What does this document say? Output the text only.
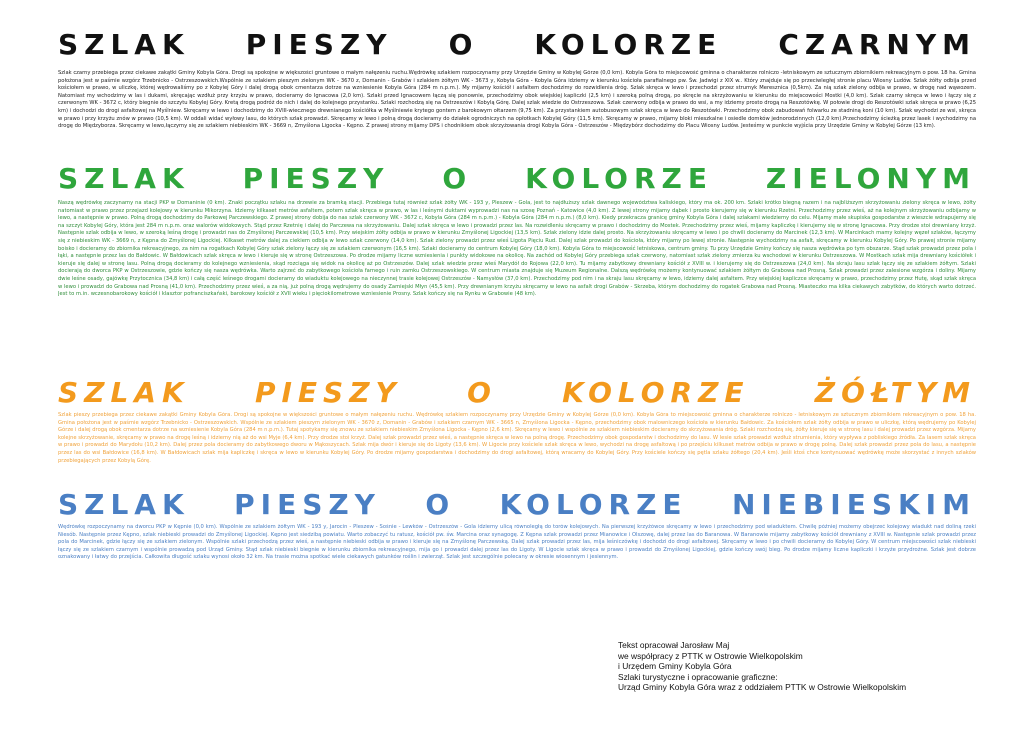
SZLAK PIESZY O KOLORZE CZARNYM

Szlak czarny przebiega przez ciekawe zakątki Gminy Kobyla Góra. Drogi są spokojne w większości gruntowe o małym nałęzeniu ruchu.Wędrówkę szlakiem rozpoczynamy przy Urzędzie Gminy w Kobylej Górze (0,0 km). Kobyla Góra to miejscowość gminna o charakterze rolniczo -letniskowym ze sztucznym zbiornikiem rekreacyjnym o pow. 18 ha. Gmina położona jest w paśmie wzgórz Trzebnicko - Ostrzeszowskich.Wspólnie ze szlakiem pieszym zielonym WK - 3670 z, Domanin - Grabów i szlakiem żółtym WK - 3673 y, Kobyla Góra - Kobyla Góra idziemy w kierunku kościoła parafialnego pw. Św. Jadwigi z XIX w.. Który znajduje się po przeciwległej stronie placu Wiosny Ludów. Szlak żółty odbija przed kościołem w prawo, w uliczkę, której wędrowaliśmy po z Kobylej Góry i dalej drogą obok cmentarza dotrze na wzniesienie Kobyla Góra (284 m n.p.m.). My mijamy kościół i asfaltem dochodzimy do rozwidlenia dróg. Szlak skręca w lewo i przechodzi przez strumyk Meresznica (0,5km). Za nią szlak zielony odbija w prawo, w drogę nad wąwozem. Natomiast my wchodzimy w las i dukami, skręcając wzdłuż przy krzyżu w prawo, docieramy do Ignacowa (2,0 km). Szlaki przed Ignacowem łączą się ponownie, przechodzimy obok wiejskiej kapliczki (2,5 km) i szeroką polną drogą, po skręcie na skrzyżowaniu w kierunku do miejscowości Mostki (4,0 km). Szlak czarny skręca w lewo i łączy się z czerwonym WK - 3672 c, który biegnie do szczytu Kobylej Góry. Kretą drogą podróż do nich i dalej do kolejnego przystanku. Szlaki rozchodzą się na Ostrzeszów i Kobylą Górę. Dalej szlak wiedzie do Ostrzeszowa. Szlak czerwony odbija w prawo do wsi, a my idziemy prosto drogą na Reszotówkę. W połowie drogi do Reszotówki szlak skręca w prawo (6,25 km) i dochodzi do drogi asfaltowej na Myślniew. Skręcamy w lewo i dochodzimy do XVIII-wiecznego drewnianego kościółka w Myślniewie krytego gontem z barokowym ołtarzem (9,75 km). Za przystankiem autobusowym szlak skręca w lewo do Reszotówki. Przechodzimy obok zabudowań folwarku ze stadniną koni (10 km). Szlak wychodzi ze wsi, skręca w prawo i przy krzyżu znów w prawo (10,5 km). W oddali widać wyłowy lasu, do których szlak prowadzi. Skręcamy w lewo i polną drogą docieramy do działek ogrodniczych na opłotkach Kobylej Góry (11,5 km). Skręcamy w prawo, mijamy bloki mieszkalne i osiedle domków jednorodzinnych (12,0 km).Przechodzimy ścieżką przez lasek i wychodzimy na drogę do Międzyborza. Skręcamy w lewo,łączymy się ze szlakiem niebieskim WK - 3669 n, Zmyślona Ligocka - Kępno. Z prawej strony mijamy DPS i chodnikiem obok skrzyżowania drogi Kobyla Góra - Ostrzeszów - Międzybórz dochodzimy do Placu Wiosny Ludów. Jesteśmy w punkcie wyjścia przy Urzędzie Gminy w Kobylej Górze (13 km).

SZLAK PIESZY O KOLORZE ZIELONYM

Naszą wędrówkę zaczynamy na stacji PKP w Domaninie (0 km). Znaki początku szlaku na drzewie za bramką stacji. Przebiega tutaj również szlak żółty WK - 193 y, Pleszew - Gola, jest to najdłuższy szlak dawnego województwa kaliskiego, który ma ok. 200 km. Szlaki krótko biegną razem i na najbliższym skrzyżowaniu zielony skręca w lewo, żółty natomiast w prawo przez przejazd kolejowy w kierunku Mikorzyna. Idziemy kilkaset metrów asfaltem, potem szlak skręca w prawo, w las i leśnymi duktami wyprowadzi nas na szosę Poznań - Katowice (4,0 km). Z lewej strony mijamy dąbek i prosto kierujemy się w kierunku Rzetni. Przechodzimy przez wieś, aż na kolejnym skrzyżowaniu odbijamy w lewo, a następnie w prawo. Polną drogą dochodzimy do Parkowej Parczewskiego. Z prawej strony dobija do nas szlak czerwony WK - 3672 c, Kobyla Góra (284 m n.p.m.) - Kobyla Góra (284 m n.p.m.) (8,0 km). Kiedy przekracza granicę gminy Kobyla Góra i dalej szlakami wiedziemy do celu. Mijamy małe skupiska gospodarstw z wieszcie wdrapujemy się na szczyt Kobylej Góry, która jest 284 m n.p.m. oraz walorów widokowych. Stąd przez Rzetnię i dalej do Parczewa na skrzyżowaniu. Dalej szlak skręca w lewo i prowadzi przez las. Na rozwidleniu skręcamy w prawo i dochodzimy do Mostek. Przechodzimy przez wieś, mijamy kapliczkę i kierujemy się w stronę Ignacowa. Przy drodze stoi drewniany krzyż. Następnie szlak odbija w lewo, w szeroką leśną drogę i prowadzi nas do Zmyślonej Parczewskiej (10,5 km). Przy wiejskim żółty odbija w prawo w kierunku Zmyślonej Ligockiej (13,5 km). Szlak zielony idzie dalej prosto. Na skrzyżowaniu skręcamy w lewo i po chwili docieramy do Marcinek (12,3 km). W Marcinkach mamy kolejny węzeł szlaków, łączymy się z niebieskim WK - 3669 n, z Kępna do Zmyślonej Ligockiej. Kilkaset metrów dalej za ciekiem odbija w lewo szlak czerwony (14,0 km). Szlak zielony prowadzi przez wieś Ligota Pięciu Rud. Dalej szlak prowadzi do kościoła, który mijamy po lewej stronie. Następnie wychodzimy na asfalt, skręcamy w kierunku Kobylej Góry. Po prawej stronie mijamy boisko i docieramy do zbiornika rekreacyjnego, za nim na rogatkach Kobylej Góry szlak zielony łączy się ze szlakiem czerwonym (16,5 km). Szlaki docieramy do centrum Kobylej Góry (18,0 km). Kobyla Góra to miejscowość letniskowa, centrum gminy. Tu przy Urzędzie Gminy kończy się nasza wędrówka po tym obszarze. Stąd szlak prowadzi przez pola i łąki, a następnie przez las do Bałdowic. W Bałdowicach szlak skręca w lewo i kieruje się w stronę Ostrzeszowa. Po drodze mijamy liczne wzniesienia i punkty widokowe na okolicę. Na zachód od Kobylej Góry przebiega szlak czerwony, natomiast szlak zielony zmierza ku wschodowi w kierunku Ostrzeszowa. W Mostkach szlak mija drewniany kościółek i kieruje się dalej w stronę lasu. Polną drogą docieramy do kolejnego wzniesienia, skąd rozciąga się widok na okolicę aż po Ostrzeszów. Dalej szlak wiedzie przez wieś Marydół do Rojowa (22,0 km). Tu mijamy zabytkowy drewniany kościół z XVIII w. i kierujemy się do Ostrzeszowa (24,0 km). Na skraju lasu szlak łączy się ze szlakiem żółtym. Szlaki docierają do dworca PKP w Ostrzeszowie, gdzie kończy się nasza wędrówka. Warto zajrzeć do zabytkowego kościoła farnego i ruin zamku Ostrzeszowskiego. W centrum miasta znajduje się Muzeum Regionalne. Dalszą wędrówkę możemy kontynuować szlakiem żółtym do Grabowa nad Prosną. Szlak prowadzi przez zalesione wzgórza i doliny. Mijamy dwie leśne osady, gajówkę Przytocznica (34,8 km) i całą część leśnego drogami docieramy do wiaduktu kolejowego na nieczynnej trasie kolejowej Ostrzeszów - Namysłów (37,0 km). Przechodzimy pod nim i na skraju lasu skręcamy w lewo, idziemy dalej asfaltem. Przy wiejskiej kapliczce skręcamy w prawo, przechodzimy przez Hutę, skąd szlak skręca w lewo i prowadzi do Grabowa nad Prosną (41,0 km). Przechodzimy przez wieś, a za nią, już polną drogą wędrujemy do osady Zamiejski Młyn (45,5 km). Przy drewnianym krzyżu skręcamy w lewo na asfalt drogi Grabów - Skrzeba, którym dochodzimy do rogatek Grabowa nad Prosną. Miasteczko ma kilka ciekawych zabytków, do których warto dotrzeć. Jest to m.in. wczesnobarokowy kościół i klasztor pofranciszkański, barokowy kościół z XVII wieku i pięciokilometrowe wzniesienie Prosny. Szlak kończy się na Rynku w Grabowie (48 km).

SZLAK PIESZY O KOLORZE ŻÓŁTYM

Szlak pieszy przebiega przez ciekawe zakątki Gminy Kobyla Góra. Drogi są spokojne w większości gruntowe o małym nałęzeniu ruchu. Wędrówkę szlakiem rozpoczynamy przy Urzędzie Gminy w Kobylej Górze (0,0 km). Kobyla Góra to miejscowość gminna o charakterze rolniczo - letniskowym ze sztucznym zbiornikiem rekreacyjnym o pow. 18 ha. Gmina położona jest w paśmie wzgórz Trzebnicko - Ostrzeszowskich. Wspólnie ze szlakiem pieszym zielonym WK - 3670 z, Domanin - Grabów i szlakiem czarnym WK - 3665 n, Zmyślona Ligocka - Kępno, przechodzimy obok malowniczego kościoła w kierunku Bałdowic. Za kościołem szlak żółty odbija w prawo w uliczkę, którą wędrujemy po Kobylej Górze i dalej drogą obok cmentarza dotrze na wzniesienie Kobyla Góra (284 m n.p.m.). Tutaj spotykamy się znowu ze szlakiem niebieskim Zmyślona Ligocka - Kępno (2,6 km). Skręcamy w lewo i wspólnie ze szlakiem niebieskim docieramy do skrzyżowania dróg. Szlaki rozchodzą się, żółty kieruje się w stronę lasu i dalej prowadzi przez wzgórza. Mijamy kolejne skrzyżowanie, skręcamy w prawo na drogę leśną i idziemy nią aż do wsi Myje (6,4 km). Przy drodze stoi krzyż. Dalej szlak prowadzi przez wieś, a następnie skręca w lewo na polną drogę. Przechodzimy obok gospodarstw i dochodzimy do lasu. W lesie szlak prowadzi wzdłuż strumienia, który wypływa z pobliskiego źródła. Za lasem szlak skręca w prawo i prowadzi do Marydołu (10,2 km). Dalej przez pola docieramy do zabytkowego dworu w Mąkoszycach. Szlak mija dwór i kieruje się do Ligoty (13,6 km). W Ligocie przy kościele szlak skręca w lewo, wychodzi na drogę asfaltową i po przejściu kilkuset metrów odbija w prawo w drogę polną. Dalej szlak prowadzi przez pola do lasu, a następnie przez las do wsi Bałdowice (16,8 km). W Bałdowicach szlak mija kapliczkę i skręca w lewo w kierunku Kobylej Góry. Po drodze mijamy gospodarstwa i dochodzimy do drogi asfaltowej, którą wracamy do Kobylej Góry. Przy kościele kończy się pętla szlaku żółtego (20,4 km). Jeśli ktoś chce kontynuować wędrówkę może skorzystać z innych szlaków przebiegających przez Kobylą Górę.

SZLAK PIESZY O KOLORZE NIEBIESKIM

Wędrówkę rozpoczynamy na dworcu PKP w Kępnie (0,0 km). Wspólnie ze szlakiem żółtym WK - 193 y, Jarocin - Pleszew - Sośnie - Lewków - Ostrzeszów - Gola idziemy ulicą równoległą do torów kolejowych. Na pierwszej krzyżówce skręcamy w lewo i przechodzimy pod wiaduktem. Chwilę później możemy obejrzeć kolejowy wiadukt nad doliną rzeki Niesób. Następnie przez Kępno, szlak niebieski prowadzi do Zmyślonej Ligockiej. Kępno jest siedzibą powiatu. Warto zobaczyć tu ratusz, kościół pw. św. Marcina oraz synagogę. Z Kępna szlak prowadzi przez Mianowice i Olszowę, dalej przez las do Baranowa. W Baranowie mijamy zabytkowy kościół drewniany z XVIII w. Następnie szlak prowadzi przez pola do Marcinek, gdzie łączy się ze szlakiem zielonym. Wspólnie szlaki przechodzą przez wieś, a następnie niebieski odbija w prawo i kieruje się na Zmyślonę Parczewską. Dalej szlak prowadzi przez las, mija leśniczówkę i dochodzi do drogi asfaltowej. Skręcamy w lewo i po chwili docieramy do Kobylej Góry. W centrum miejscowości szlak niebieski łączy się ze szlakiem czarnym i wspólnie prowadzą pod Urząd Gminy. Stąd szlak niebieski biegnie w kierunku zbiornika rekreacyjnego, mija go i prowadzi dalej przez las do Ligoty. W Ligocie szlak skręca w prawo i prowadzi do Zmyślonej Ligockiej, gdzie kończy swój bieg. Po drodze mijamy liczne kapliczki i krzyże przydrożne. Szlak jest dobrze oznakowany i łatwy do przejścia. Całkowita długość szlaku wynosi około 32 km. Na trasie można spotkać wiele ciekawych gatunków roślin i zwierząt. Szlak jest szczególnie polecany w okresie wiosennym i jesiennym.

Tekst opracował Jarosław Maj
we współpracy z PTTK w Ostrowie Wielkopolskim
i Urzędem Gminy Kobyla Góra
Szlaki turystyczne i opracowanie graficzne:
Urząd Gminy Kobyla Góra wraz z oddziałem PTTK w Ostrowie Wielkopolskim
